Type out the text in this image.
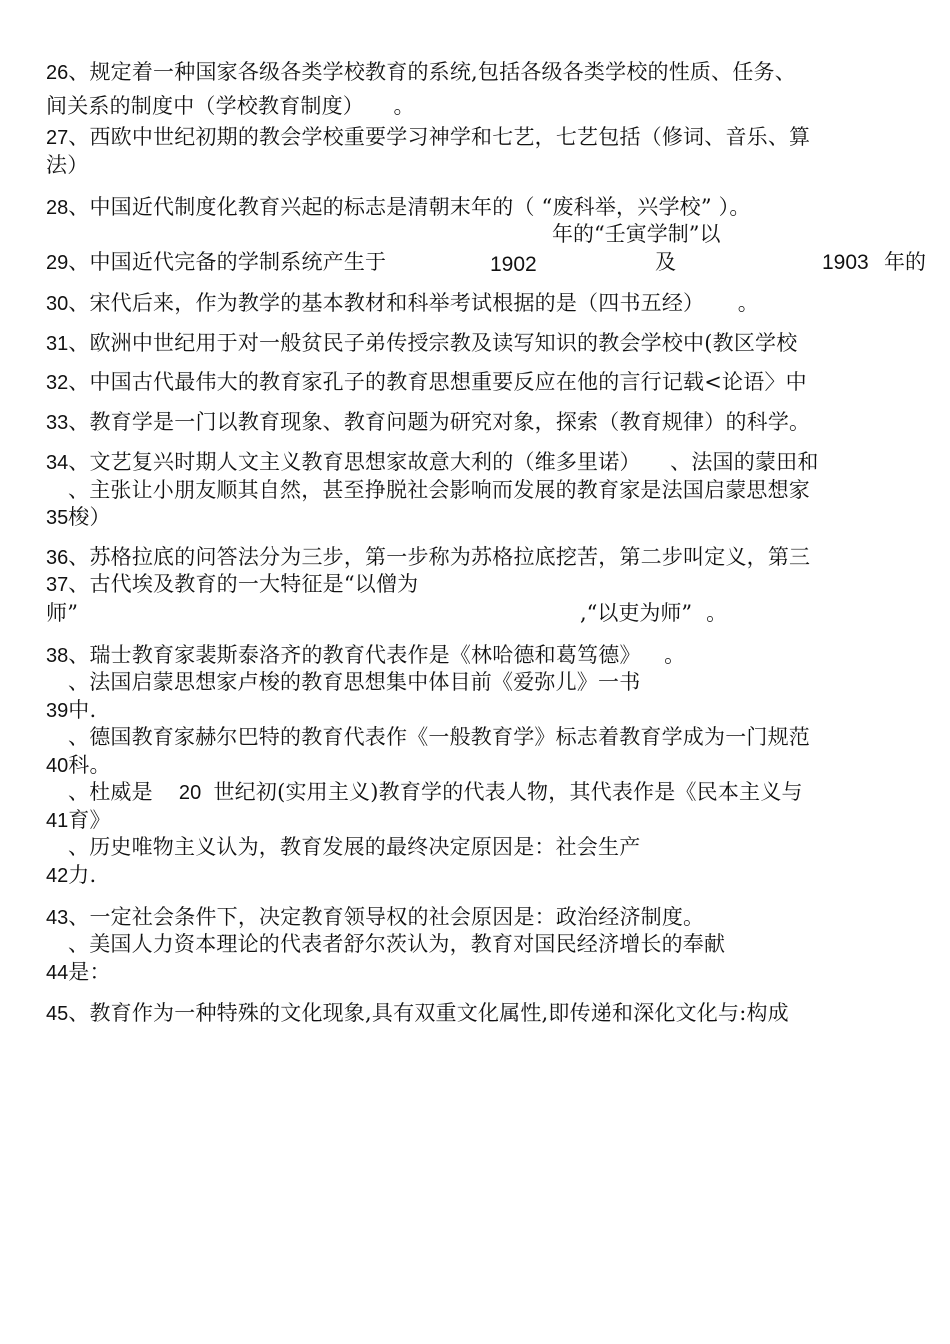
26、规定着一种国家各级各类学校教育的系统,包括各级各类学校的性质、任务、
间关系的制度中（学校教育制度） 。
27、西欧中世纪初期的教会学校重要学习神学和七艺，七艺包括（修词、音乐、算
法）
28、中国近代制度化教育兴起的标志是清朝末年的（ “废科举，兴学校” ）。
年的“壬寅学制”以
29、中国近代完备的学制系统产生于	1902	及	1903 年的
30、宋代后来，作为教学的基本教材和科举考试根据的是（四书五经） 。
31、欧洲中世纪用于对一般贫民子弟传授宗教及读写知识的教会学校中(教区学校
32、中国古代最伟大的教育家孔子的教育思想重要反应在他的言行记载<论语〉中
33、教育学是一门以教育现象、教育问题为研究对象，探索（教育规律）的科学。
34、文艺复兴时期人文主义教育思想家故意大利的（维多里诺） 、法国的蒙田和
、主张让小朋友顺其自然，甚至挣脱社会影响而发展的教育家是法国启蒙思想家
35梭）
36、苏格拉底的问答法分为三步，第一步称为苏格拉底挖苦，第二步叫定义，第三
37、古代埃及教育的一大特征是“以僧为
师”	,“以吏为师” 。
38、瑞士教育家裴斯泰洛齐的教育代表作是《林哈德和葛笃德》 。
、法国启蒙思想家卢梭的教育思想集中体目前《爱弥儿》一书
39中.
、德国教育家赫尔巴特的教育代表作《一般教育学》标志着教育学成为一门规范
40科。
、杜威是 20 世纪初(实用主义)教育学的代表人物，其代表作是《民本主义与
41育》
、历史唯物主义认为，教育发展的最终决定原因是：社会生产
42力.
43、一定社会条件下，决定教育领导权的社会原因是：政治经济制度。
、美国人力资本理论的代表者舒尔茨认为，教育对国民经济增长的奉献
44是：
45、教育作为一种特殊的文化现象,具有双重文化属性,即传递和深化文化与:构成
